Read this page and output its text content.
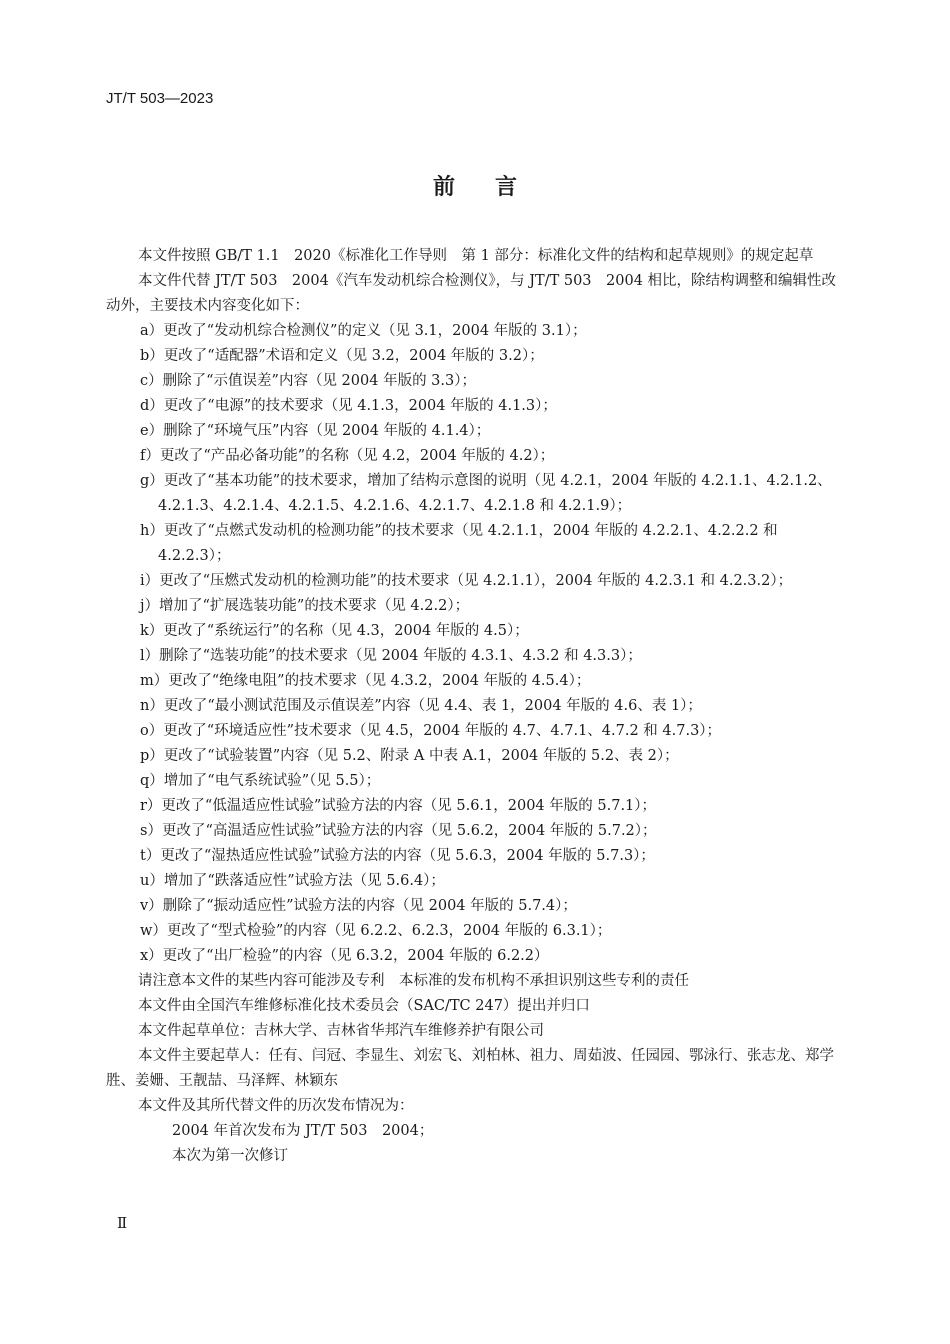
JT/T 503—2023
前言

本文件按照 GB/T 1.1　2020《标准化工作导则　第 1 部分：标准化文件的结构和起草规则》的规定起草

本文件代替 JT/T 503　2004《汽车发动机综合检测仪》，与 JT/T 503　2004 相比，除结构调整和编辑性改动外，主要技术内容变化如下：

a）更改了“发动机综合检测仪”的定义（见 3.1，2004 年版的 3.1）；
b）更改了“适配器”术语和定义（见 3.2，2004 年版的 3.2）；
c）删除了“示值误差”内容（见 2004 年版的 3.3）；
d）更改了“电源”的技术要求（见 4.1.3，2004 年版的 4.1.3）；
e）删除了“环境气压”内容（见 2004 年版的 4.1.4）；
f）更改了“产品必备功能”的名称（见 4.2，2004 年版的 4.2）；
g）更改了“基本功能”的技术要求，增加了结构示意图的说明（见 4.2.1，2004 年版的 4.2.1.1、4.2.1.2、4.2.1.3、4.2.1.4、4.2.1.5、4.2.1.6、4.2.1.7、4.2.1.8 和 4.2.1.9）；
h）更改了“点燃式发动机的检测功能”的技术要求（见 4.2.1.1，2004 年版的 4.2.2.1、4.2.2.2 和 4.2.2.3）；
i）更改了“压燃式发动机的检测功能”的技术要求（见 4.2.1.1），2004 年版的 4.2.3.1 和 4.2.3.2）；
j）增加了“扩展选装功能”的技术要求（见 4.2.2）；
k）更改了“系统运行”的名称（见 4.3，2004 年版的 4.5）；
l）删除了“选装功能”的技术要求（见 2004 年版的 4.3.1、4.3.2 和 4.3.3）；
m）更改了“绝缘电阻”的技术要求（见 4.3.2，2004 年版的 4.5.4）；
n）更改了“最小测试范围及示值误差”内容（见 4.4、表 1，2004 年版的 4.6、表 1）；
o）更改了“环境适应性”技术要求（见 4.5，2004 年版的 4.7、4.7.1、4.7.2 和 4.7.3）；
p）更改了“试验装置”内容（见 5.2、附录 A 中表 A.1，2004 年版的 5.2、表 2）；
q）增加了“电气系统试验”（见 5.5）；
r）更改了“低温适应性试验”试验方法的内容（见 5.6.1，2004 年版的 5.7.1）；
s）更改了“高温适应性试验”试验方法的内容（见 5.6.2，2004 年版的 5.7.2）；
t）更改了“湿热适应性试验”试验方法的内容（见 5.6.3，2004 年版的 5.7.3）；
u）增加了“跌落适应性”试验方法（见 5.6.4）；
v）删除了“振动适应性”试验方法的内容（见 2004 年版的 5.7.4）；
w）更改了“型式检验”的内容（见 6.2.2、6.2.3，2004 年版的 6.3.1）；
x）更改了“出厂检验”的内容（见 6.3.2，2004 年版的 6.2.2）

请注意本文件的某些内容可能涉及专利　本标准的发布机构不承担识别这些专利的责任

本文件由全国汽车维修标准化技术委员会（SAC/TC 247）提出并归口

本文件起草单位：吉林大学、吉林省华邦汽车维修养护有限公司

本文件主要起草人：任有、闫冠、李显生、刘宏飞、刘柏林、祖力、周茹波、任园园、鄂泳行、张志龙、郑学胜、姜姗、王靓喆、马泽辉、林颖东

本文件及其所代替文件的历次发布情况为：

2004 年首次发布为 JT/T 503　2004；
本次为第一次修订
Ⅱ
